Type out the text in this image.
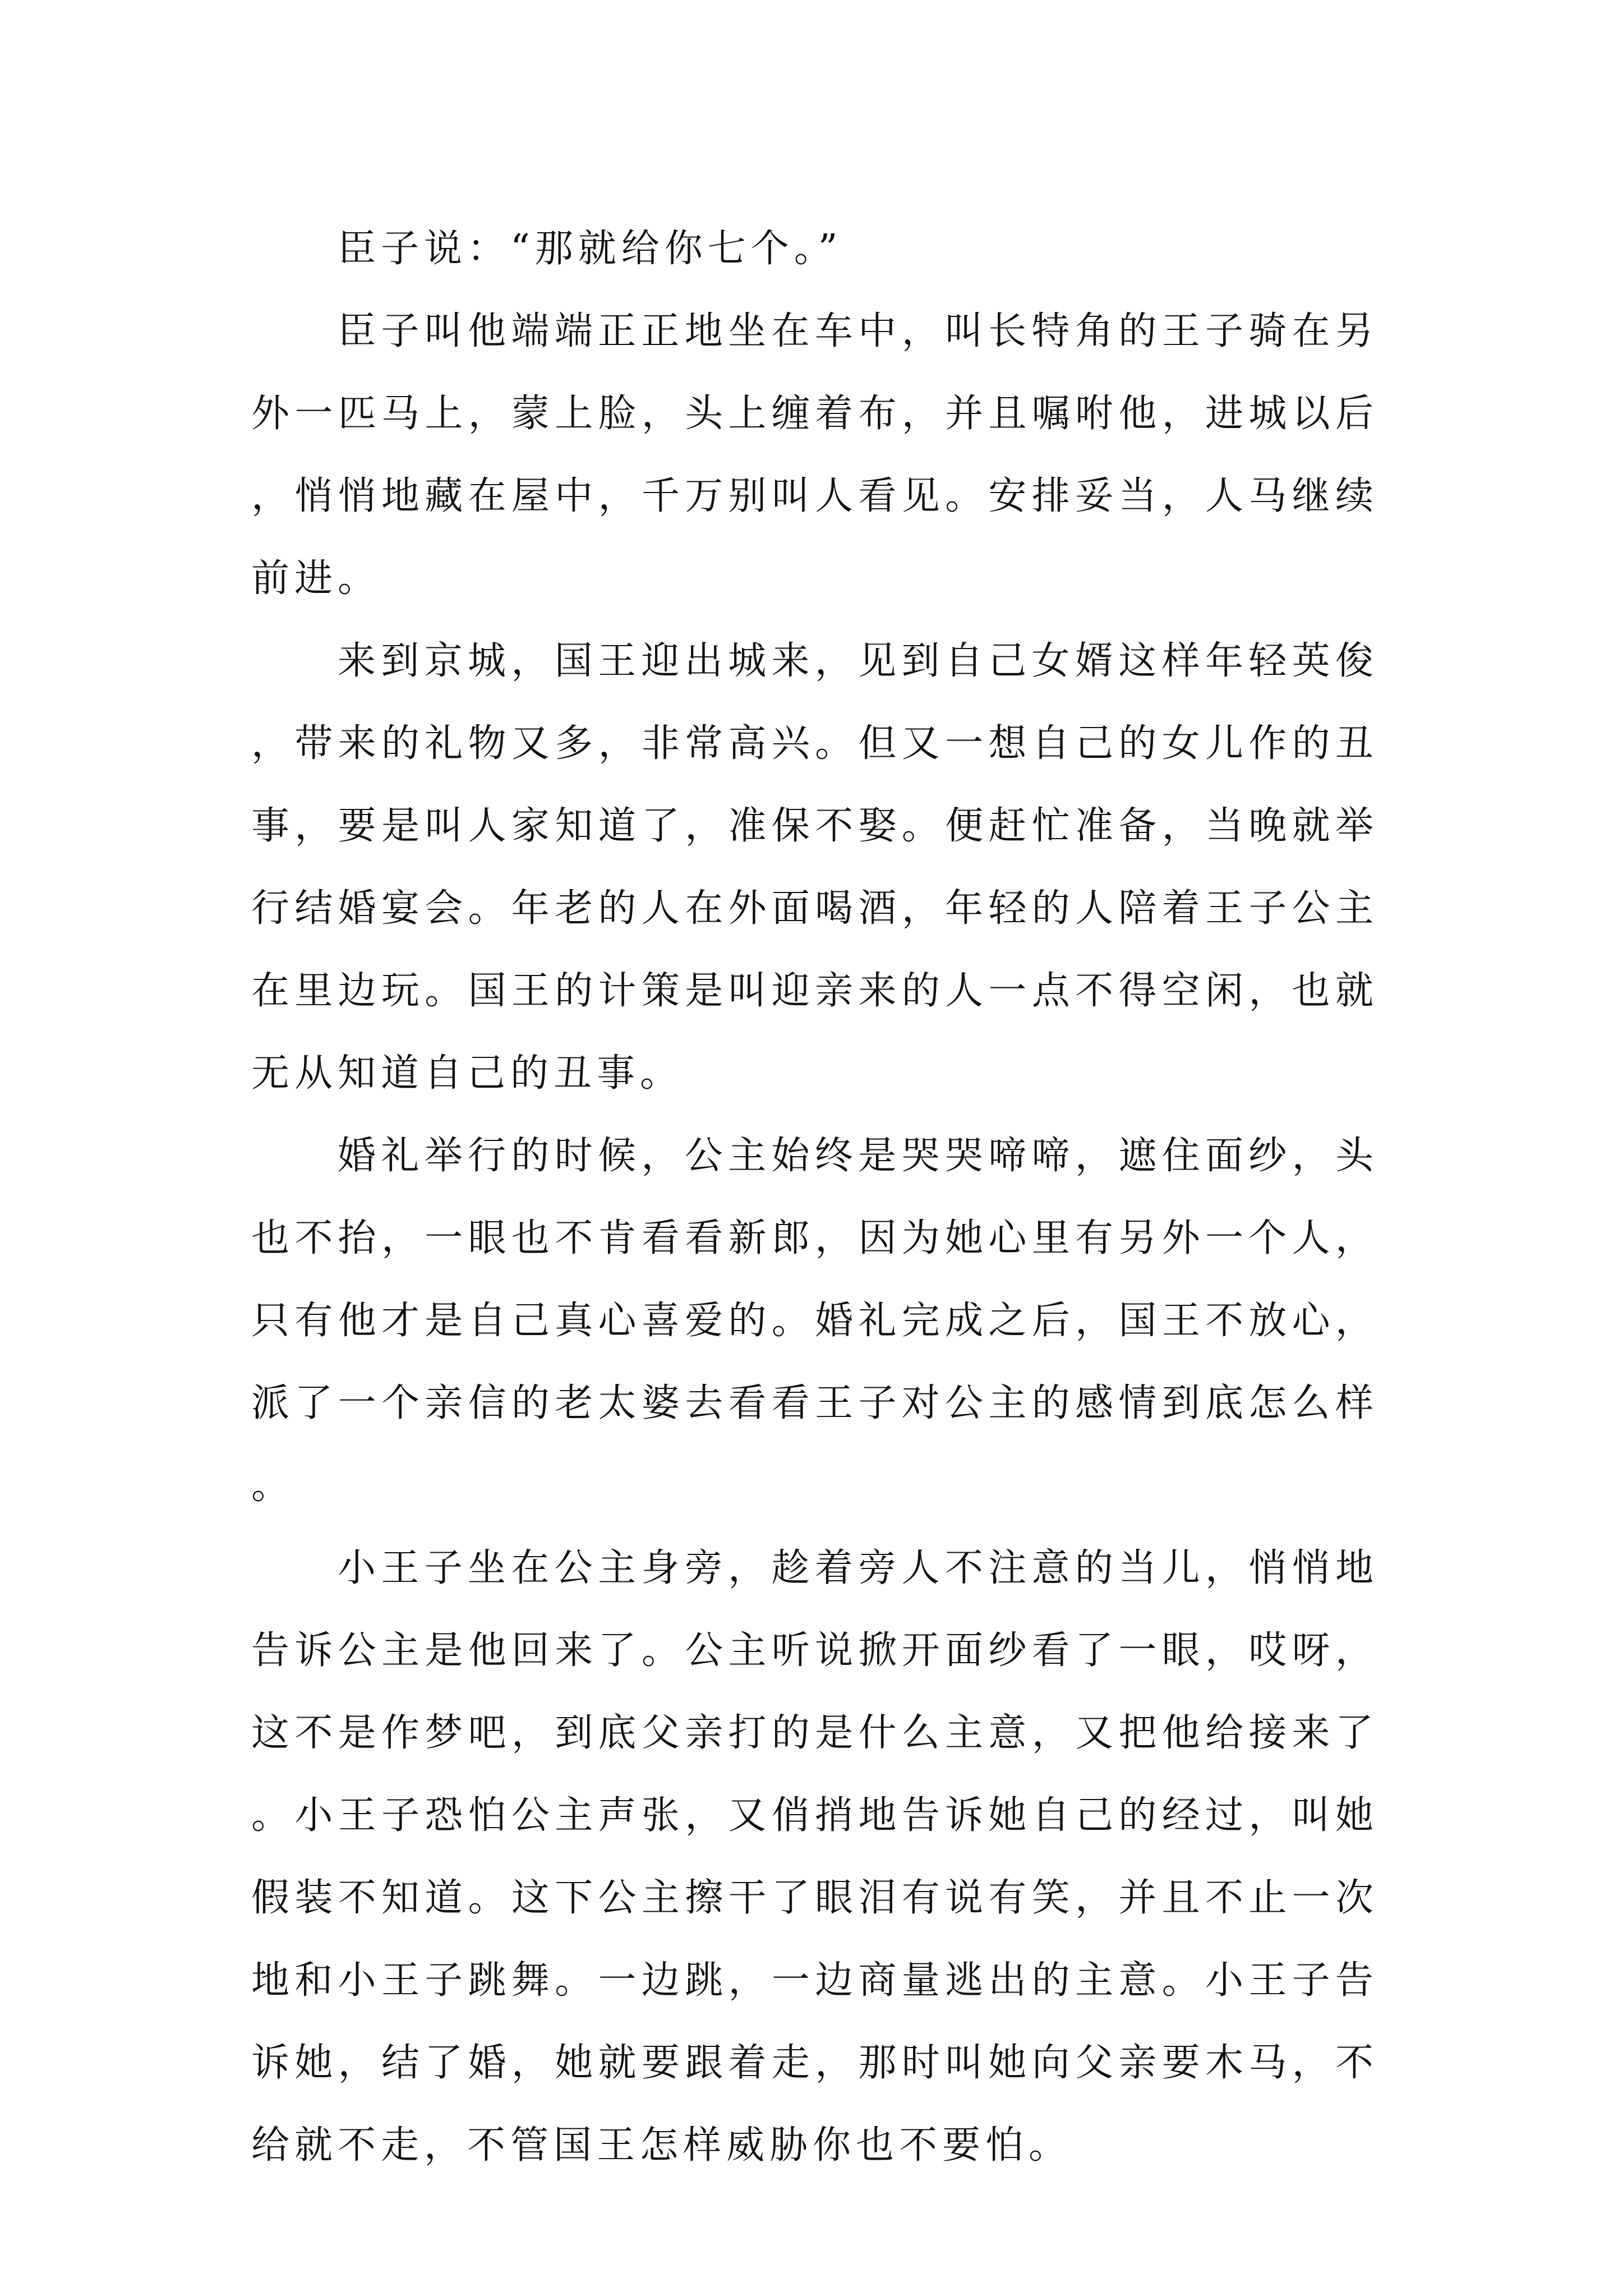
臣子说：“那就给你七个。”

臣子叫他端端正正地坐在车中，叫长特角的王子骑在另外一匹马上，蒙上脸，头上缠着布，并且嘱咐他，进城以后，悄悄地藏在屋中，千万别叫人看见。安排妥当，人马继续前进。

来到京城，国王迎出城来，见到自己女婿这样年轻英俊，带来的礼物又多，非常高兴。但又一想自己的女儿作的丑事，要是叫人家知道了，准保不娶。便赶忙准备，当晚就举行结婚宴会。年老的人在外面喝酒，年轻的人陪着王子公主在里边玩。国王的计策是叫迎亲来的人一点不得空闲，也就无从知道自己的丑事。

婚礼举行的时候，公主始终是哭哭啼啼，遮住面纱，头也不抬，一眼也不肯看看新郎，因为她心里有另外一个人，只有他才是自己真心喜爱的。婚礼完成之后，国王不放心，派了一个亲信的老太婆去看看王子对公主的感情到底怎么样。

小王子坐在公主身旁，趁着旁人不注意的当儿，悄悄地告诉公主是他回来了。公主听说掀开面纱看了一眼，哎呀，这不是作梦吧，到底父亲打的是什么主意，又把他给接来了。小王子恐怕公主声张，又俏捎地告诉她自己的经过，叫她假装不知道。这下公主擦干了眼泪有说有笑，并且不止一次地和小王子跳舞。一边跳，一边商量逃出的主意。小王子告诉她，结了婚，她就要跟着走，那时叫她向父亲要木马，不给就不走，不管国王怎样威胁你也不要怕。
